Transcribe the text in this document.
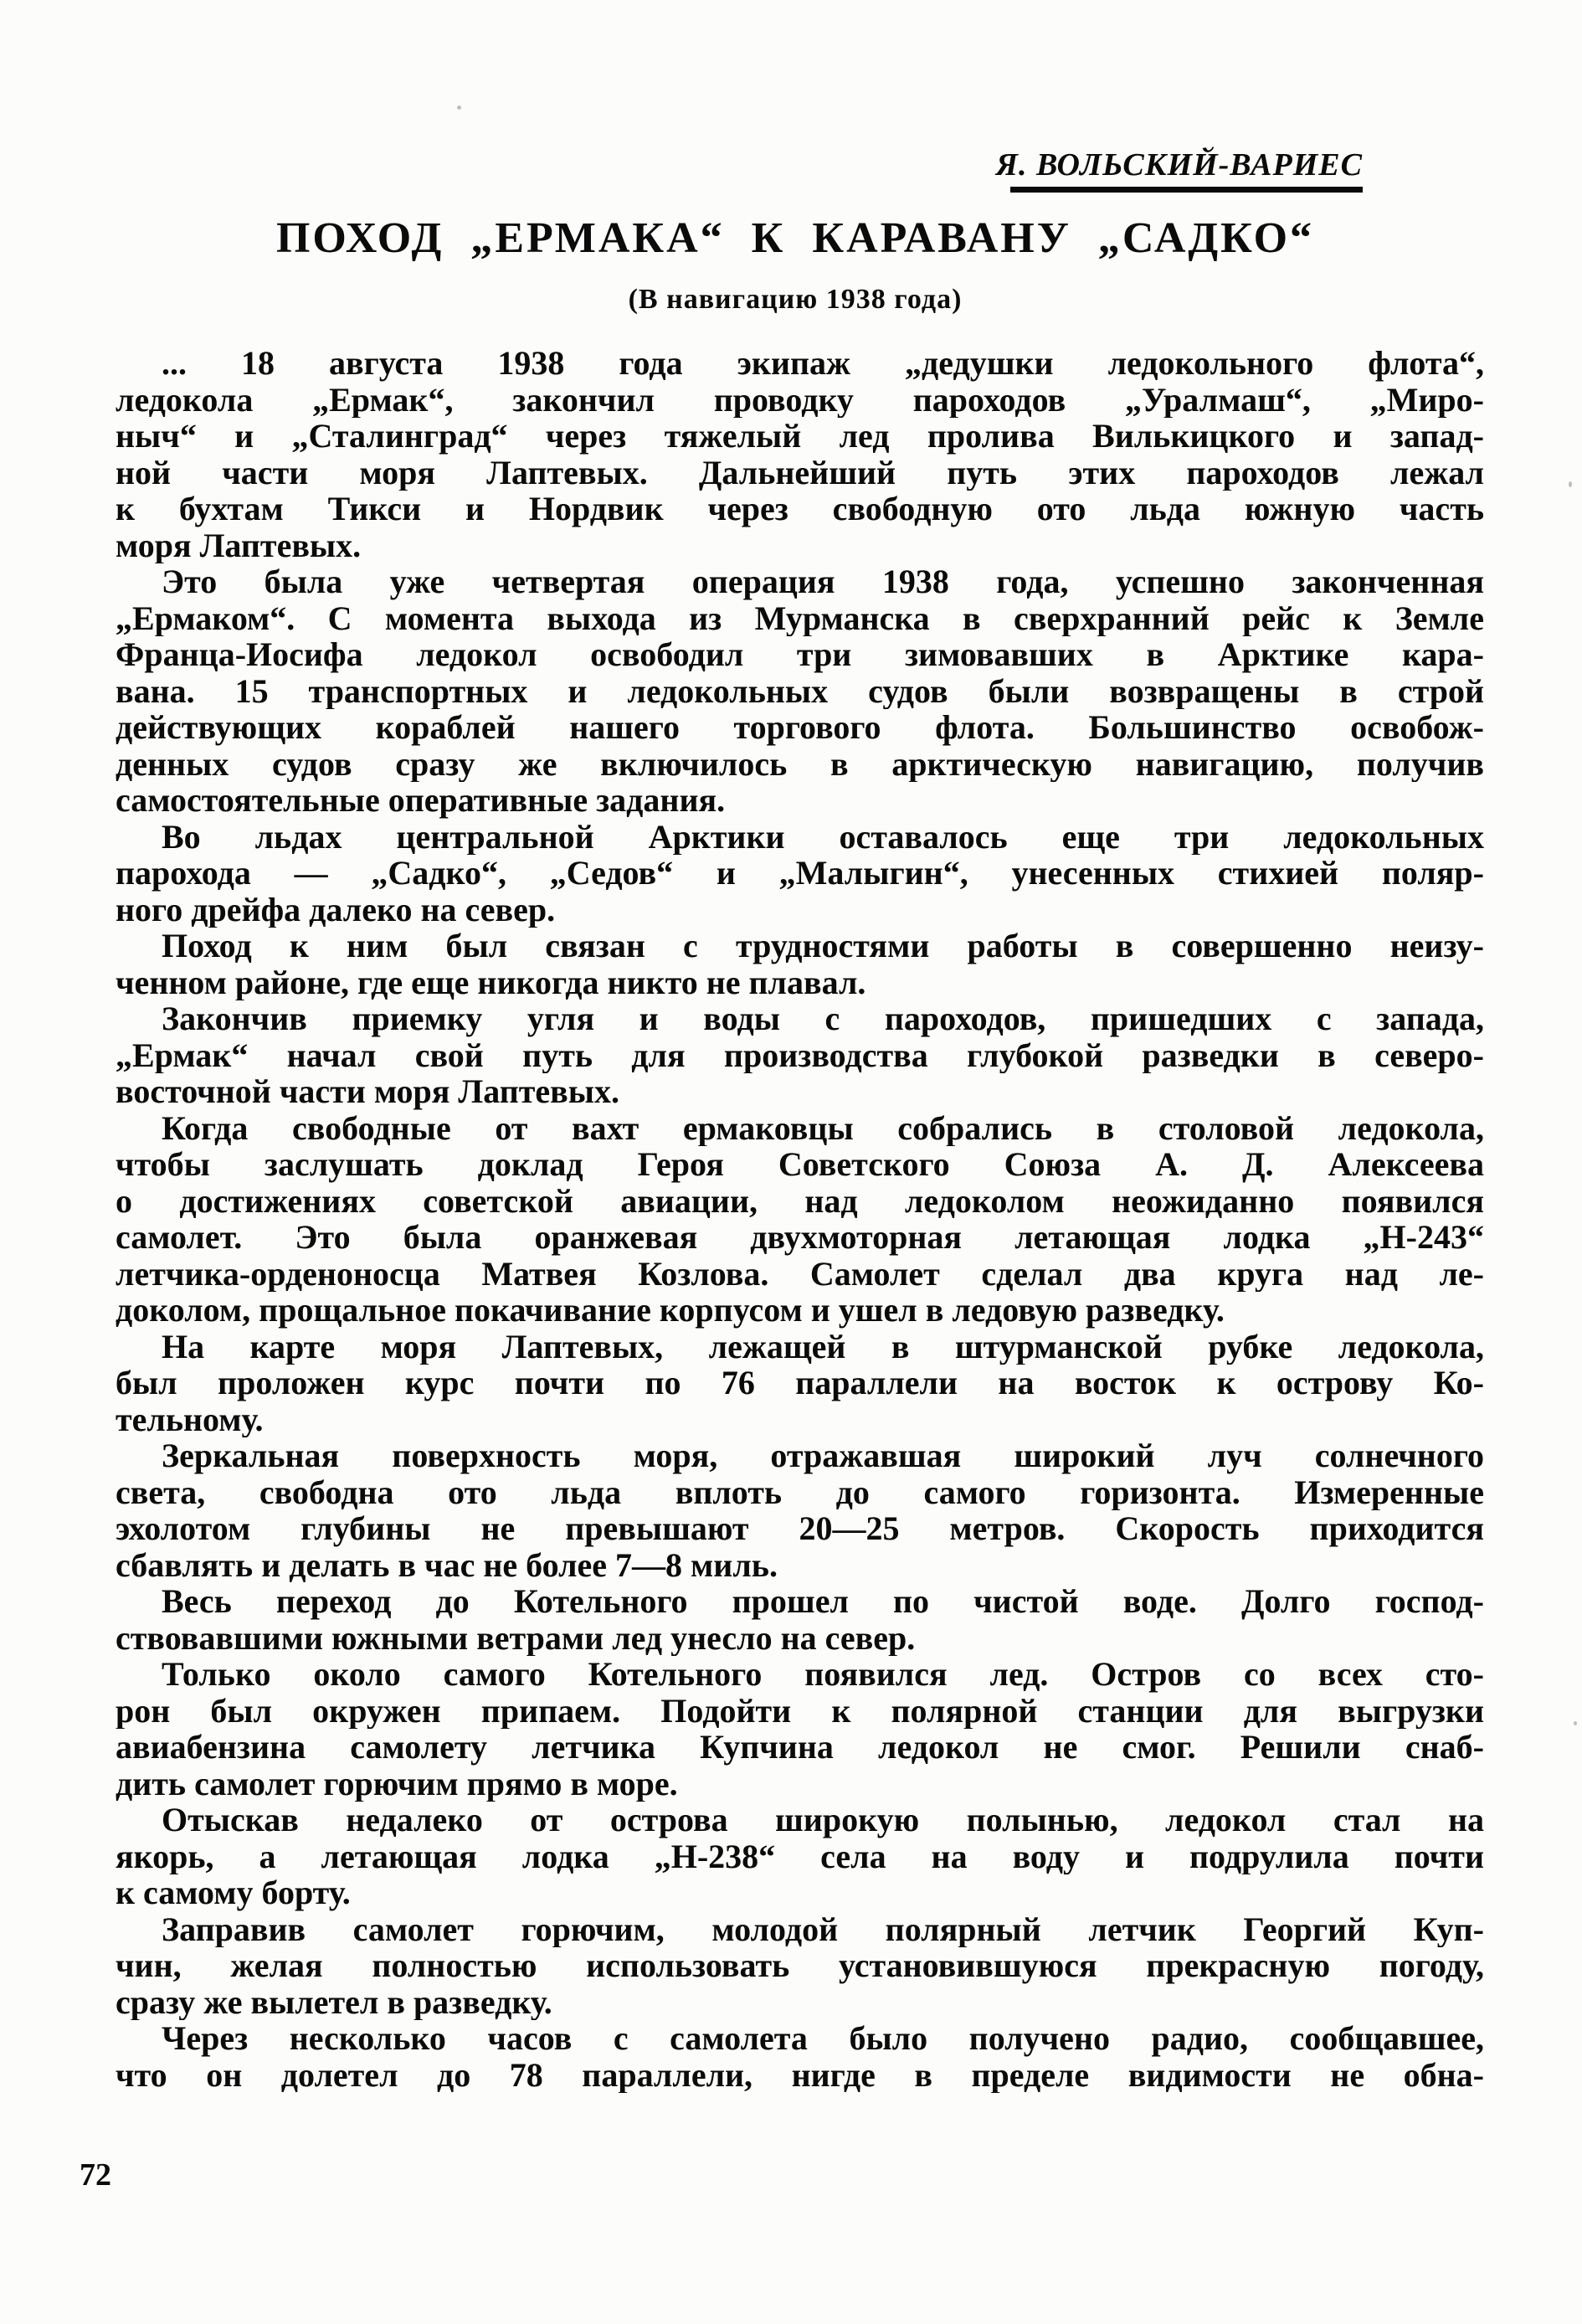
Я. ВОЛЬСКИЙ-ВАРИЕС
ПОХОД „ЕРМАКА“ К КАРАВАНУ „САДКО“
(В навигацию 1938 года)
... 18 августа 1938 года экипаж „дедушки ледокольного флота“,
ледокола „Ермак“, закончил проводку пароходов „Уралмаш“, „Миро-
ныч“ и „Сталинград“ через тяжелый лед пролива Вилькицкого и запад-
ной части моря Лаптевых. Дальнейший путь этих пароходов лежал
к бухтам Тикси и Нордвик через свободную ото льда южную часть
моря Лаптевых.
Это была уже четвертая операция 1938 года, успешно законченная
„Ермаком“. С момента выхода из Мурманска в сверхранний рейс к Земле
Франца-Иосифа ледокол освободил три зимовавших в Арктике кара-
вана. 15 транспортных и ледокольных судов были возвращены в строй
действующих кораблей нашего торгового флота. Большинство освобож-
денных судов сразу же включилось в арктическую навигацию, получив
самостоятельные оперативные задания.
Во льдах центральной Арктики оставалось еще три ледокольных
парохода — „Садко“, „Седов“ и „Малыгин“, унесенных стихией поляр-
ного дрейфа далеко на север.
Поход к ним был связан с трудностями работы в совершенно неизу-
ченном районе, где еще никогда никто не плавал.
Закончив приемку угля и воды с пароходов, пришедших с запада,
„Ермак“ начал свой путь для производства глубокой разведки в северо-
восточной части моря Лаптевых.
Когда свободные от вахт ермаковцы собрались в столовой ледокола,
чтобы заслушать доклад Героя Советского Союза А. Д. Алексеева
о достижениях советской авиации, над ледоколом неожиданно появился
самолет. Это была оранжевая двухмоторная летающая лодка „Н-243“
летчика-орденоносца Матвея Козлова. Самолет сделал два круга над ле-
доколом, прощальное покачивание корпусом и ушел в ледовую разведку.
На карте моря Лаптевых, лежащей в штурманской рубке ледокола,
был проложен курс почти по 76 параллели на восток к острову Ко-
тельному.
Зеркальная поверхность моря, отражавшая широкий луч солнечного
света, свободна ото льда вплоть до самого горизонта. Измеренные
эхолотом глубины не превышают 20—25 метров. Скорость приходится
сбавлять и делать в час не более 7—8 миль.
Весь переход до Котельного прошел по чистой воде. Долго господ-
ствовавшими южными ветрами лед унесло на север.
Только около самого Котельного появился лед. Остров со всех сто-
рон был окружен припаем. Подойти к полярной станции для выгрузки
авиабензина самолету летчика Купчина ледокол не смог. Решили снаб-
дить самолет горючим прямо в море.
Отыскав недалеко от острова широкую полынью, ледокол стал на
якорь, а летающая лодка „Н-238“ села на воду и подрулила почти
к самому борту.
Заправив самолет горючим, молодой полярный летчик Георгий Куп-
чин, желая полностью использовать установившуюся прекрасную погоду,
сразу же вылетел в разведку.
Через несколько часов с самолета было получено радио, сообщавшее,
что он долетел до 78 параллели, нигде в пределе видимости не обна-
72
